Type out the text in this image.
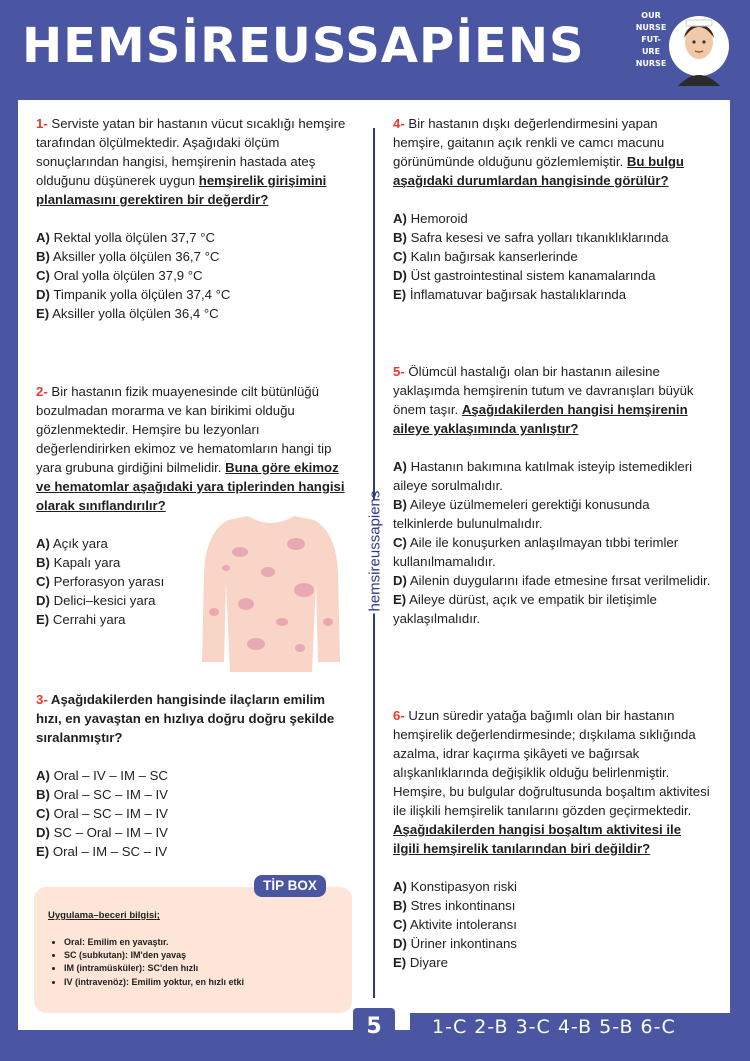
HEMSİREUSSAPİENS
OUR
NURSE
FUT-
URE
NURSE

1- Serviste yatan bir hastanın vücut sıcaklığı hemşire tarafından ölçülmektedir. Aşağıdaki ölçüm sonuçlarından hangisi, hemşirenin hastada ateş olduğunu düşünerek uygun hemşirelik girişimini planlamasını gerektiren bir değerdir?

A) Rektal yolla ölçülen 37,7 °C
B) Aksiller yolla ölçülen 36,7 °C
C) Oral yolla ölçülen 37,9 °C
D) Timpanik yolla ölçülen 37,4 °C
E) Aksiller yolla ölçülen 36,4 °C

2- Bir hastanın fizik muayenesinde cilt bütünlüğü bozulmadan morarma ve kan birikimi olduğu gözlenmektedir. Hemşire bu lezyonları değerlendirirken ekimoz ve hematomların hangi tip yara grubuna girdiğini bilmelidir. Buna göre ekimoz ve hematomlar aşağıdaki yara tiplerinden hangisi olarak sınıflandırılır?

A) Açık yara
B) Kapalı yara
C) Perforasyon yarası
D) Delici–kesici yara
E) Cerrahi yara

3- Aşağıdakilerden hangisinde ilaçların emilim hızı, en yavaştan en hızlıya doğru doğru şekilde sıralanmıştır?

A) Oral – IV – IM – SC
B) Oral – SC – IM – IV
C) Oral – SC – IM – IV
D) SC – Oral – IM – IV
E) Oral – IM – SC – IV
TİP BOX
Uygulama–beceri bilgisi;
• Oral: Emilim en yavaştır.
• SC (subkutan): IM'den yavaş
• IM (intramüsküler): SC'den hızlı
• IV (intravenöz): Emilim yoktur, en hızlı etki
hemsireussapiens

4- Bir hastanın dışkı değerlendirmesini yapan hemşire, gaitanın açık renkli ve camcı macunu görünümünde olduğunu gözlemlemiştir. Bu bulgu aşağıdaki durumlardan hangisinde görülür?

A) Hemoroid
B) Safra kesesi ve safra yolları tıkanıklıklarında
C) Kalın bağırsak kanserlerinde
D) Üst gastrointestinal sistem kanamalarında
E) İnflamatuvar bağırsak hastalıklarında

5- Ölümcül hastalığı olan bir hastanın ailesine yaklaşımda hemşirenin tutum ve davranışları büyük önem taşır. Aşağıdakilerden hangisi hemşirenin aileye yaklaşımında yanlıştır?

A) Hastanın bakımına katılmak isteyip istemedikleri aileye sorulmalıdır.
B) Aileye üzülmemeleri gerektiği konusunda telkinlerde bulunulmalıdır.
C) Aile ile konuşurken anlaşılmayan tıbbi terimler kullanılmamalıdır.
D) Ailenin duygularını ifade etmesine fırsat verilmelidir.
E) Aileye dürüst, açık ve empatik bir iletişimle yaklaşılmalıdır.

6- Uzun süredir yatağa bağımlı olan bir hastanın hemşirelik değerlendirmesinde; dışkılama sıklığında azalma, idrar kaçırma şikâyeti ve bağırsak alışkanlıklarında değişiklik olduğu belirlenmiştir. Hemşire, bu bulgular doğrultusunda boşaltım aktivitesi ile ilişkili hemşirelik tanılarını gözden geçirmektedir. Aşağıdakilerden hangisi boşaltım aktivitesi ile ilgili hemşirelik tanılarından biri değildir?

A) Konstipasyon riski
B) Stres inkontinansı
C) Aktivite intoleransı
D) Üriner inkontinans
E) Diyare
5	1-C 2-B 3-C 4-B 5-B 6-C
